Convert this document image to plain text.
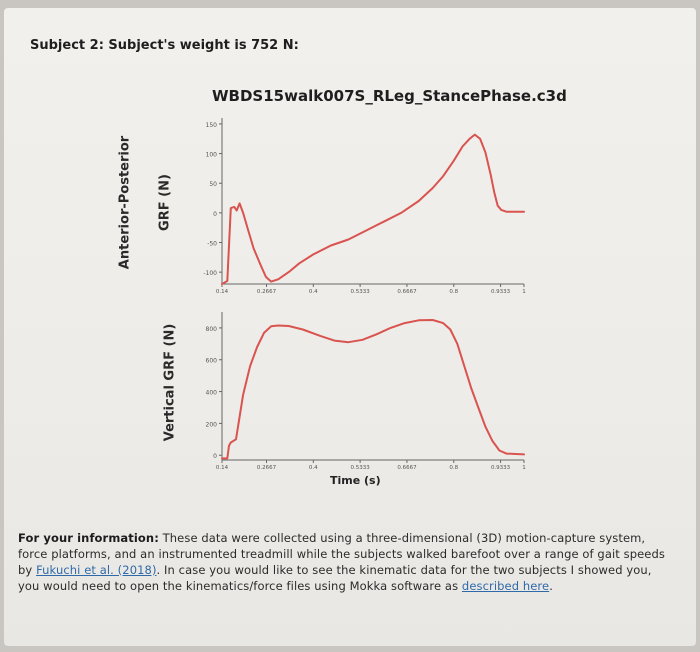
Subject 2: Subject's weight is 752 N:
WBDS15walk007S_RLeg_StancePhase.c3d
Anterior-Posterior GRF (N)
Vertical GRF (N)
150
100
50
0
-50
-100
0.14	0.2667	0.4	0.5333	0.6667	0.8	0.9333 1
800
600
400
200
0
0.14	0.2667	0.4	0.5333	0.6667	0.8	0.9333 1
Time (s)
For your information: These data were collected using a three-dimensional (3D) motion-capture system, force platforms, and an instrumented treadmill while the subjects walked barefoot over a range of gait speeds by Fukuchi et al. (2018). In case you would like to see the kinematic data for the two subjects I showed you, you would need to open the kinematics/force files using Mokka software as described here.
